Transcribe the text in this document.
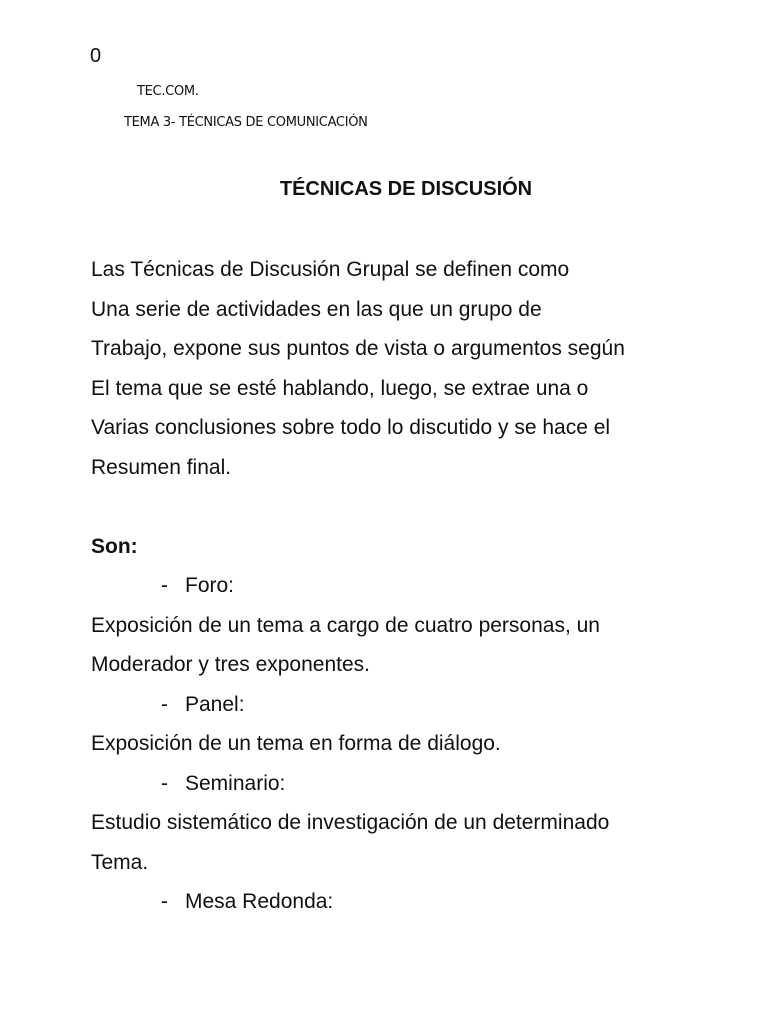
0
TEC.COM.
TEMA 3- TÉCNICAS DE COMUNICACIÓN
TÉCNICAS DE DISCUSIÓN
Las Técnicas de Discusión Grupal se definen como
Una serie de actividades en las que un grupo de
Trabajo, expone sus puntos de vista o argumentos según
El tema que se esté hablando, luego, se extrae una o
Varias conclusiones sobre todo lo discutido y se hace el
Resumen final.
Son:
- Foro:
Exposición de un tema a cargo de cuatro personas, un
Moderador y tres exponentes.
- Panel:
Exposición de un tema en forma de diálogo.
- Seminario:
Estudio sistemático de investigación de un determinado
Tema.
- Mesa Redonda:
